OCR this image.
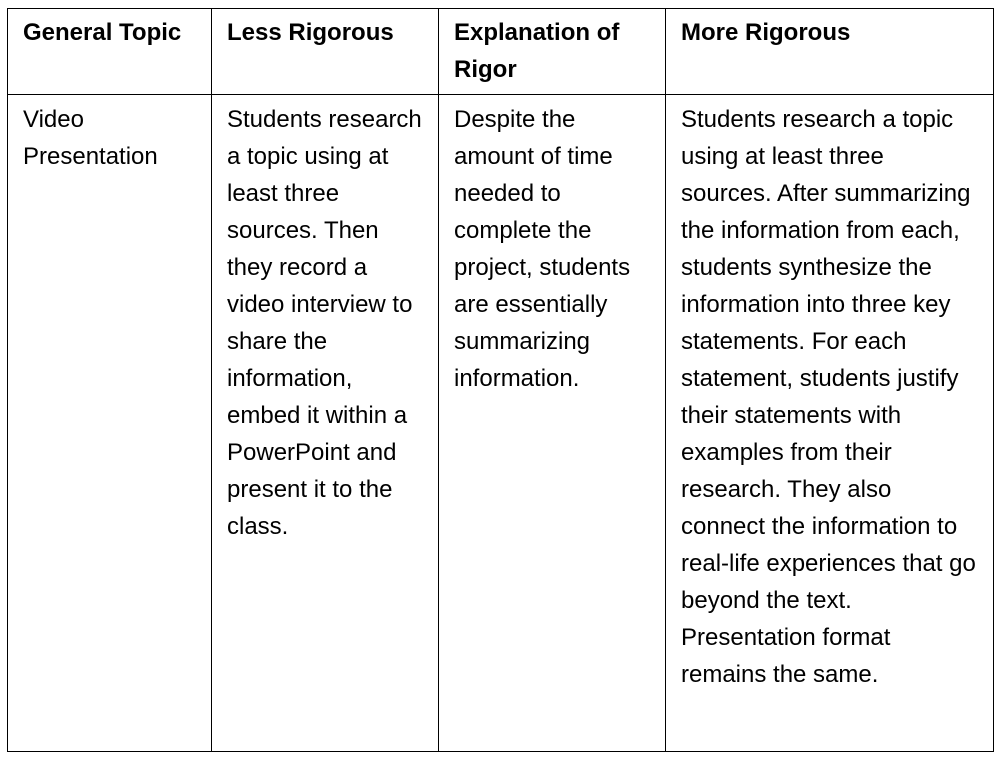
General Topic	Less Rigorous	Explanation of Rigor	More Rigorous
Video Presentation	Students research a topic using at least three sources. Then they record a video interview to share the information, embed it within a PowerPoint and present it to the class.	Despite the amount of time needed to complete the project, students are essentially summarizing information.	Students research a topic using at least three sources. After summarizing the information from each, students synthesize the information into three key statements. For each statement, students justify their statements with examples from their research. They also connect the information to real-life experiences that go beyond the text. Presentation format remains the same.
